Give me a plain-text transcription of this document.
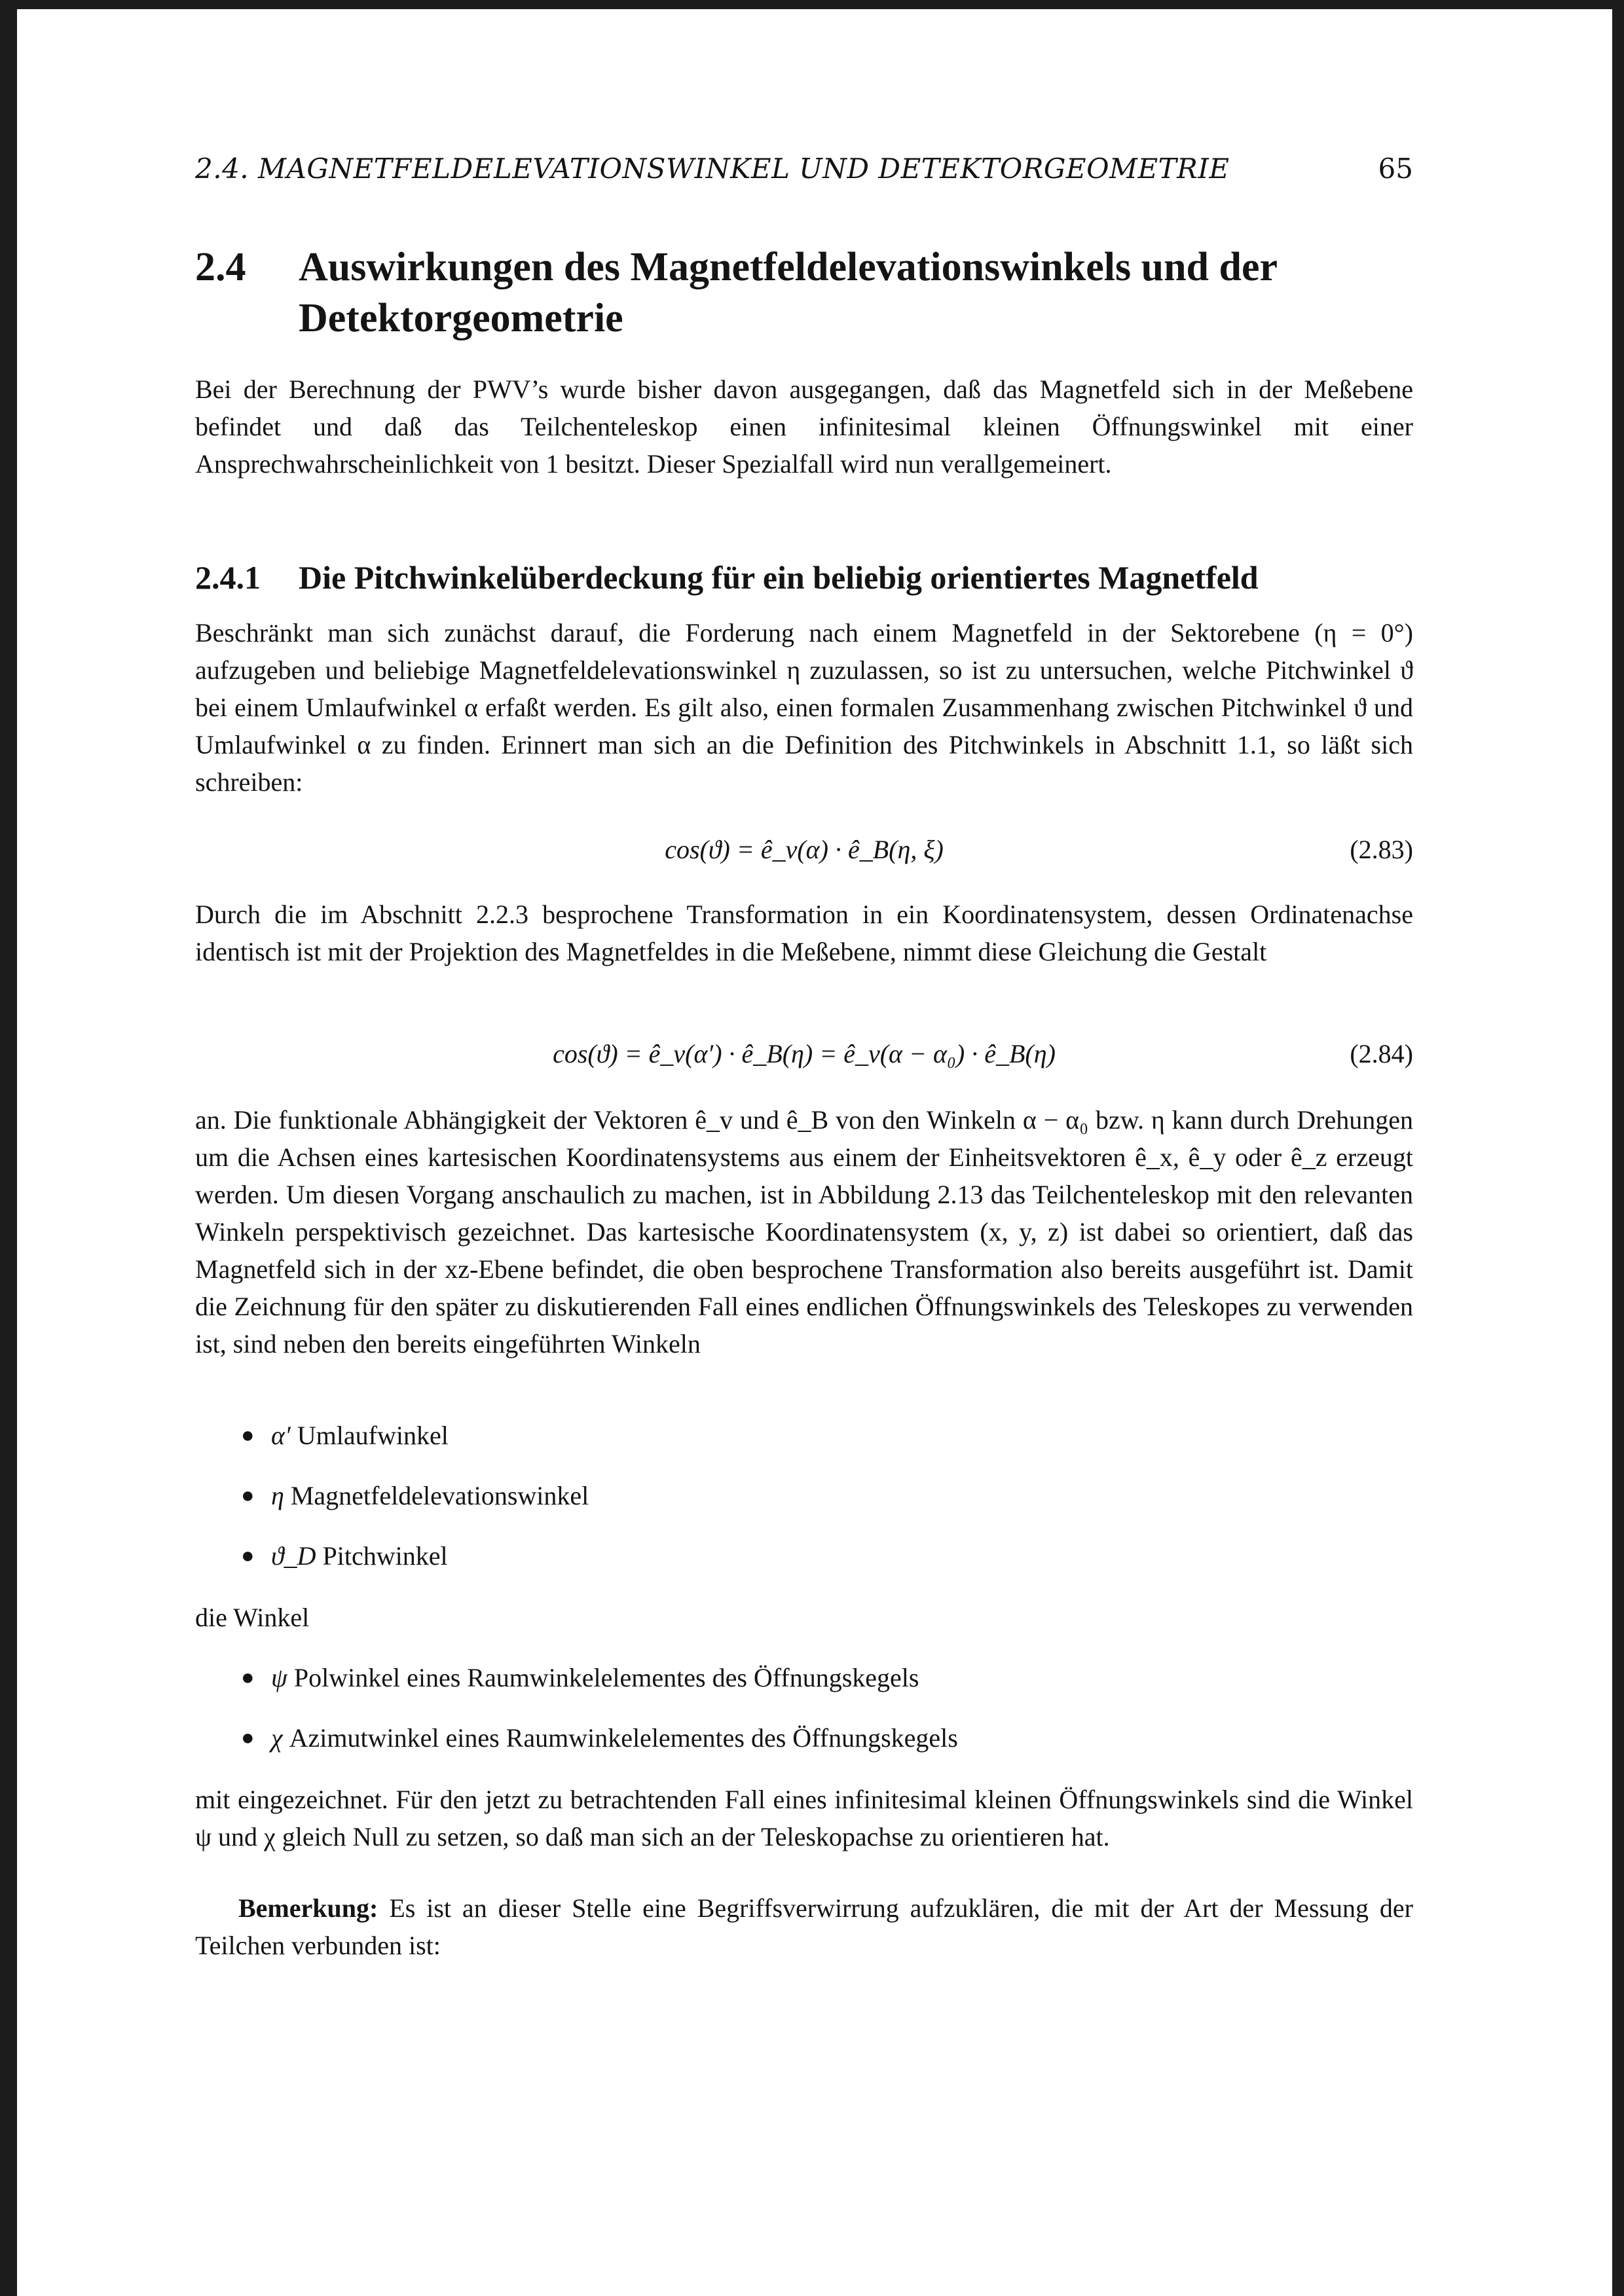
2.4. MAGNETFELDELEVATIONSWINKEL UND DETEKTORGEOMETRIE	65
2.4	Auswirkungen des Magnetfeldelevationswinkels und der Detektorgeometrie
Bei der Berechnung der PWV’s wurde bisher davon ausgegangen, daß das Magnetfeld sich in der Meßebene befindet und daß das Teilchenteleskop einen infinitesimal kleinen Öffnungswinkel mit einer Ansprechwahrscheinlichkeit von 1 besitzt. Dieser Spezialfall wird nun verallgemeinert.
2.4.1 Die Pitchwinkelüberdeckung für ein beliebig orientiertes Magnetfeld
Beschränkt man sich zunächst darauf, die Forderung nach einem Magnetfeld in der Sektorebene (η = 0°) aufzugeben und beliebige Magnetfeldelevationswinkel η zuzulassen, so ist zu untersuchen, welche Pitchwinkel ϑ bei einem Umlaufwinkel α erfaßt werden. Es gilt also, einen formalen Zusammenhang zwischen Pitchwinkel ϑ und Umlaufwinkel α zu finden. Erinnert man sich an die Definition des Pitchwinkels in Abschnitt 1.1, so läßt sich schreiben:
cos(ϑ) = ê_v(α) · ê_B(η, ξ)	(2.83)
Durch die im Abschnitt 2.2.3 besprochene Transformation in ein Koordinatensystem, dessen Ordinatenachse identisch ist mit der Projektion des Magnetfeldes in die Meßebene, nimmt diese Gleichung die Gestalt
cos(ϑ) = ê_v(α′) · ê_B(η) = ê_v(α − α₀) · ê_B(η)	(2.84)
an. Die funktionale Abhängigkeit der Vektoren ê_v und ê_B von den Winkeln α − α₀ bzw. η kann durch Drehungen um die Achsen eines kartesischen Koordinatensystems aus einem der Einheitsvektoren ê_x, ê_y oder ê_z erzeugt werden. Um diesen Vorgang anschaulich zu machen, ist in Abbildung 2.13 das Teilchenteleskop mit den relevanten Winkeln perspektivisch gezeichnet. Das kartesische Koordinatensystem (x, y, z) ist dabei so orientiert, daß das Magnetfeld sich in der xz-Ebene befindet, die oben besprochene Transformation also bereits ausgeführt ist. Damit die Zeichnung für den später zu diskutierenden Fall eines endlichen Öffnungswinkels des Teleskopes zu verwenden ist, sind neben den bereits eingeführten Winkeln
● α′ Umlaufwinkel
● η Magnetfeldelevationswinkel
● ϑ_D Pitchwinkel
die Winkel
● ψ Polwinkel eines Raumwinkelelementes des Öffnungskegels
● χ Azimutwinkel eines Raumwinkelelementes des Öffnungskegels
mit eingezeichnet. Für den jetzt zu betrachtenden Fall eines infinitesimal kleinen Öffnungswinkels sind die Winkel ψ und χ gleich Null zu setzen, so daß man sich an der Teleskopachse zu orientieren hat.
Bemerkung: Es ist an dieser Stelle eine Begriffsverwirrung aufzuklären, die mit der Art der Messung der Teilchen verbunden ist:
